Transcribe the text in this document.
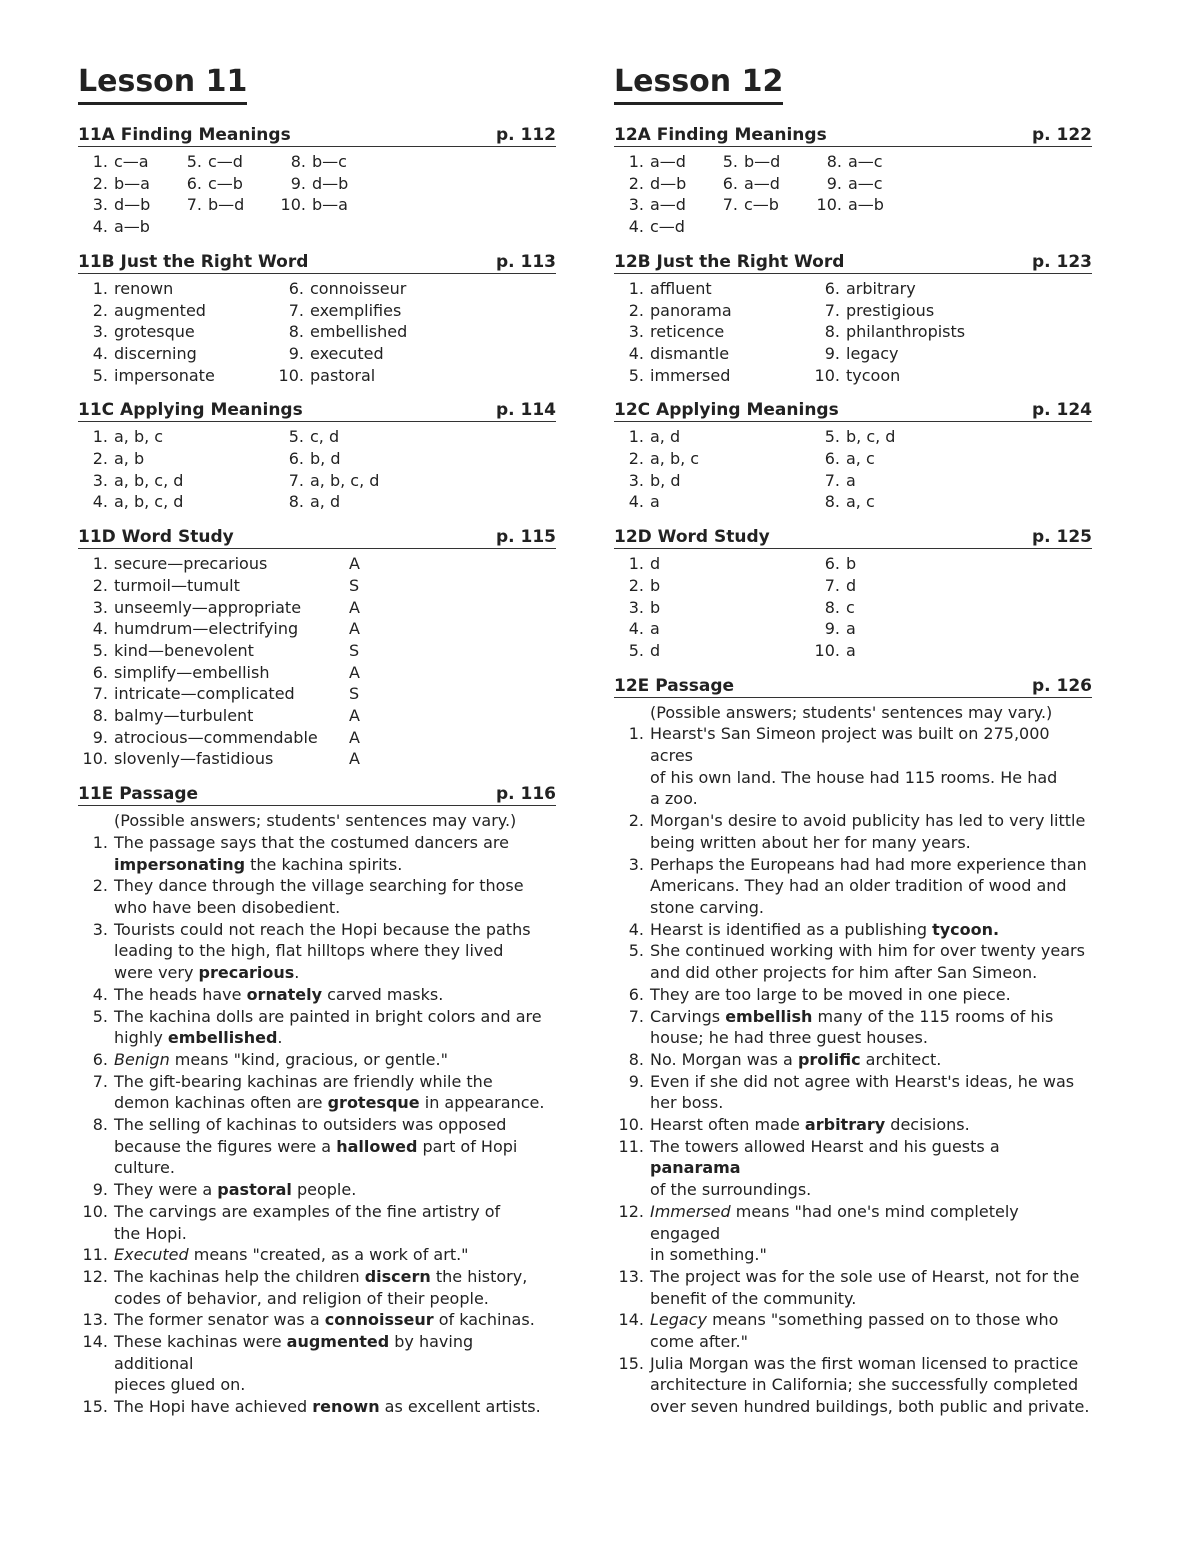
Lesson 11
11A Finding Meanings	p. 112
1. c—a	5. c—d	8. b—c
2. b—a	6. c—b	9. d—b
3. d—b	7. b—d 10. b—a
4. a—b
11B Just the Right Word	p. 113
1. renown	6. connoisseur
2. augmented	7. exemplifies
3. grotesque	8. embellished
4. discerning	9. executed
5. impersonate	10. pastoral
11C Applying Meanings	p. 114
1. a, b, c	5. c, d
2. a, b	6. b, d
3. a, b, c, d	7. a, b, c, d
4. a, b, c, d	8. a, d
11D Word Study	p. 115
1. secure—precarious	A
2. turmoil—tumult	S
3. unseemly—appropriate	A
4. humdrum—electrifying	A
5. kind—benevolent	S
6. simplify—embellish	A
7. intricate—complicated	S
8. balmy—turbulent	A
9. atrocious—commendable	A
10. slovenly—fastidious	A
11E Passage	p. 116
(Possible answers; students' sentences may vary.)
1. The passage says that the costumed dancers are
impersonating the kachina spirits.
2. They dance through the village searching for those
who have been disobedient.
3. Tourists could not reach the Hopi because the paths
leading to the high, flat hilltops where they lived
were very precarious.
4. The heads have ornately carved masks.
5. The kachina dolls are painted in bright colors and are
highly embellished.
6. Benign means "kind, gracious, or gentle."
7. The gift-bearing kachinas are friendly while the
demon kachinas often are grotesque in appearance.
8. The selling of kachinas to outsiders was opposed
because the figures were a hallowed part of Hopi
culture.
9. They were a pastoral people.
10. The carvings are examples of the fine artistry of
the Hopi.
11. Executed means "created, as a work of art."
12. The kachinas help the children discern the history,
codes of behavior, and religion of their people.
13. The former senator was a connoisseur of kachinas.
14. These kachinas were augmented by having additional
pieces glued on.
15. The Hopi have achieved renown as excellent artists.
Lesson 12
12A Finding Meanings	p. 122
1. a—d	5. b—d	8. a—c
2. d—b	6. a—d	9. a—c
3. a—d	7. c—b 10. a—b
4. c—d
12B Just the Right Word	p. 123
1. affluent	6. arbitrary
2. panorama	7. prestigious
3. reticence	8. philanthropists
4. dismantle	9. legacy
5. immersed	10. tycoon
12C Applying Meanings	p. 124
1. a, d	5. b, c, d
2. a, b, c	6. a, c
3. b, d	7. a
4. a	8. a, c
12D Word Study	p. 125
1. d	6. b
2. b	7. d
3. b	8. c
4. a	9. a
5. d	10. a
12E Passage	p. 126
(Possible answers; students' sentences may vary.)
1. Hearst's San Simeon project was built on 275,000 acres
of his own land. The house had 115 rooms. He had
a zoo.
2. Morgan's desire to avoid publicity has led to very little
being written about her for many years.
3. Perhaps the Europeans had had more experience than
Americans. They had an older tradition of wood and
stone carving.
4. Hearst is identified as a publishing tycoon.
5. She continued working with him for over twenty years
and did other projects for him after San Simeon.
6. They are too large to be moved in one piece.
7. Carvings embellish many of the 115 rooms of his
house; he had three guest houses.
8. No. Morgan was a prolific architect.
9. Even if she did not agree with Hearst's ideas, he was
her boss.
10. Hearst often made arbitrary decisions.
11. The towers allowed Hearst and his guests a panarama
of the surroundings.
12. Immersed means "had one's mind completely engaged
in something."
13. The project was for the sole use of Hearst, not for the
benefit of the community.
14. Legacy means "something passed on to those who
come after."
15. Julia Morgan was the first woman licensed to practice
architecture in California; she successfully completed
over seven hundred buildings, both public and private.
